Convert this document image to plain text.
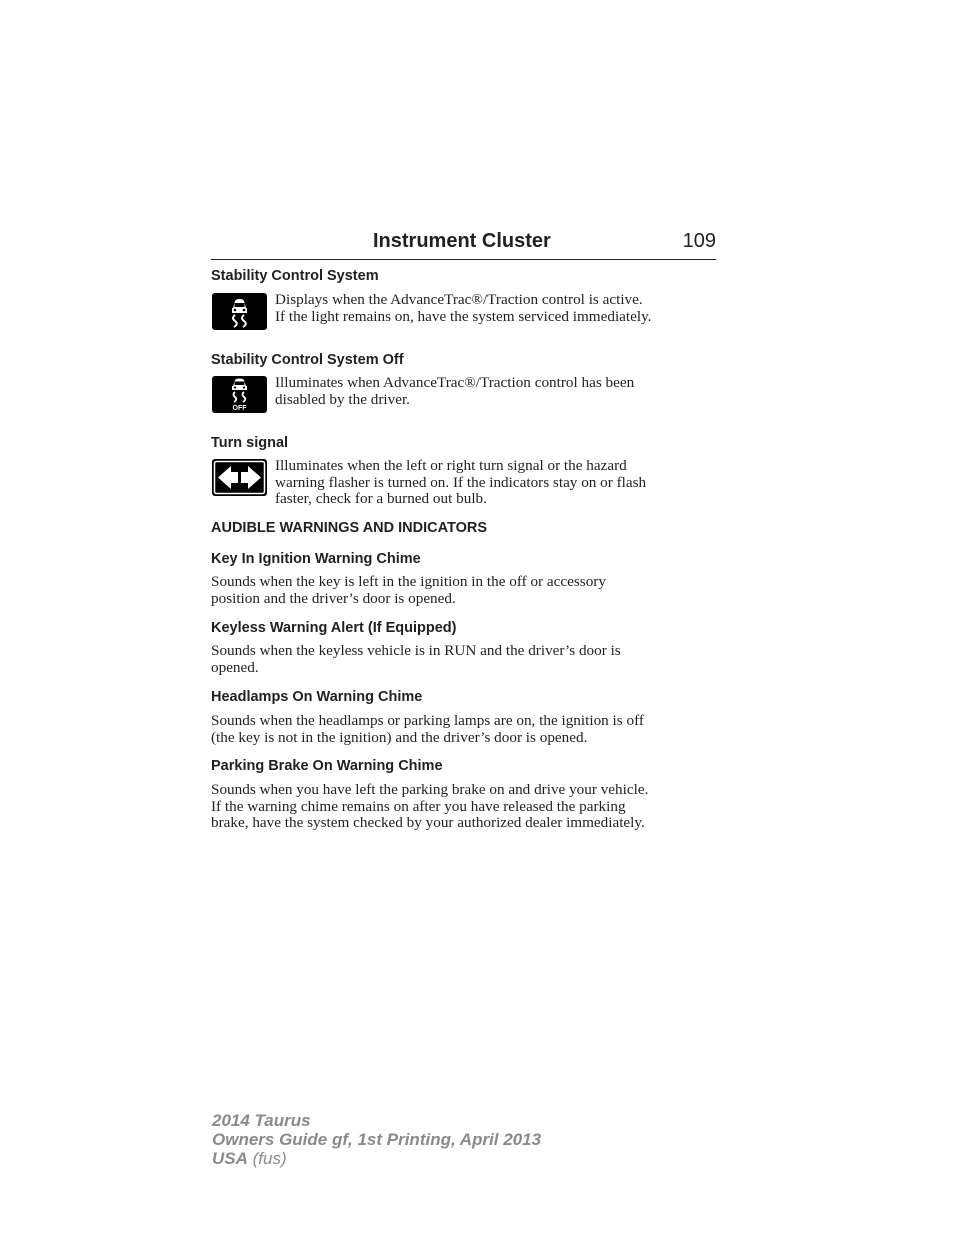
Instrument Cluster	109
Stability Control System
Displays when the AdvanceTrac®/Traction control is active.
If the light remains on, have the system serviced immediately.
Stability Control System Off
OFF
Illuminates when AdvanceTrac®/Traction control has been
disabled by the driver.
Turn signal
Illuminates when the left or right turn signal or the hazard
warning flasher is turned on. If the indicators stay on or flash
faster, check for a burned out bulb.
AUDIBLE WARNINGS AND INDICATORS
Key In Ignition Warning Chime
Sounds when the key is left in the ignition in the off or accessory
position and the driver’s door is opened.
Keyless Warning Alert (If Equipped)
Sounds when the keyless vehicle is in RUN and the driver’s door is
opened.
Headlamps On Warning Chime
Sounds when the headlamps or parking lamps are on, the ignition is off
(the key is not in the ignition) and the driver’s door is opened.
Parking Brake On Warning Chime
Sounds when you have left the parking brake on and drive your vehicle.
If the warning chime remains on after you have released the parking
brake, have the system checked by your authorized dealer immediately.
2014 Taurus
Owners Guide gf, 1st Printing, April 2013
USA (fus)
